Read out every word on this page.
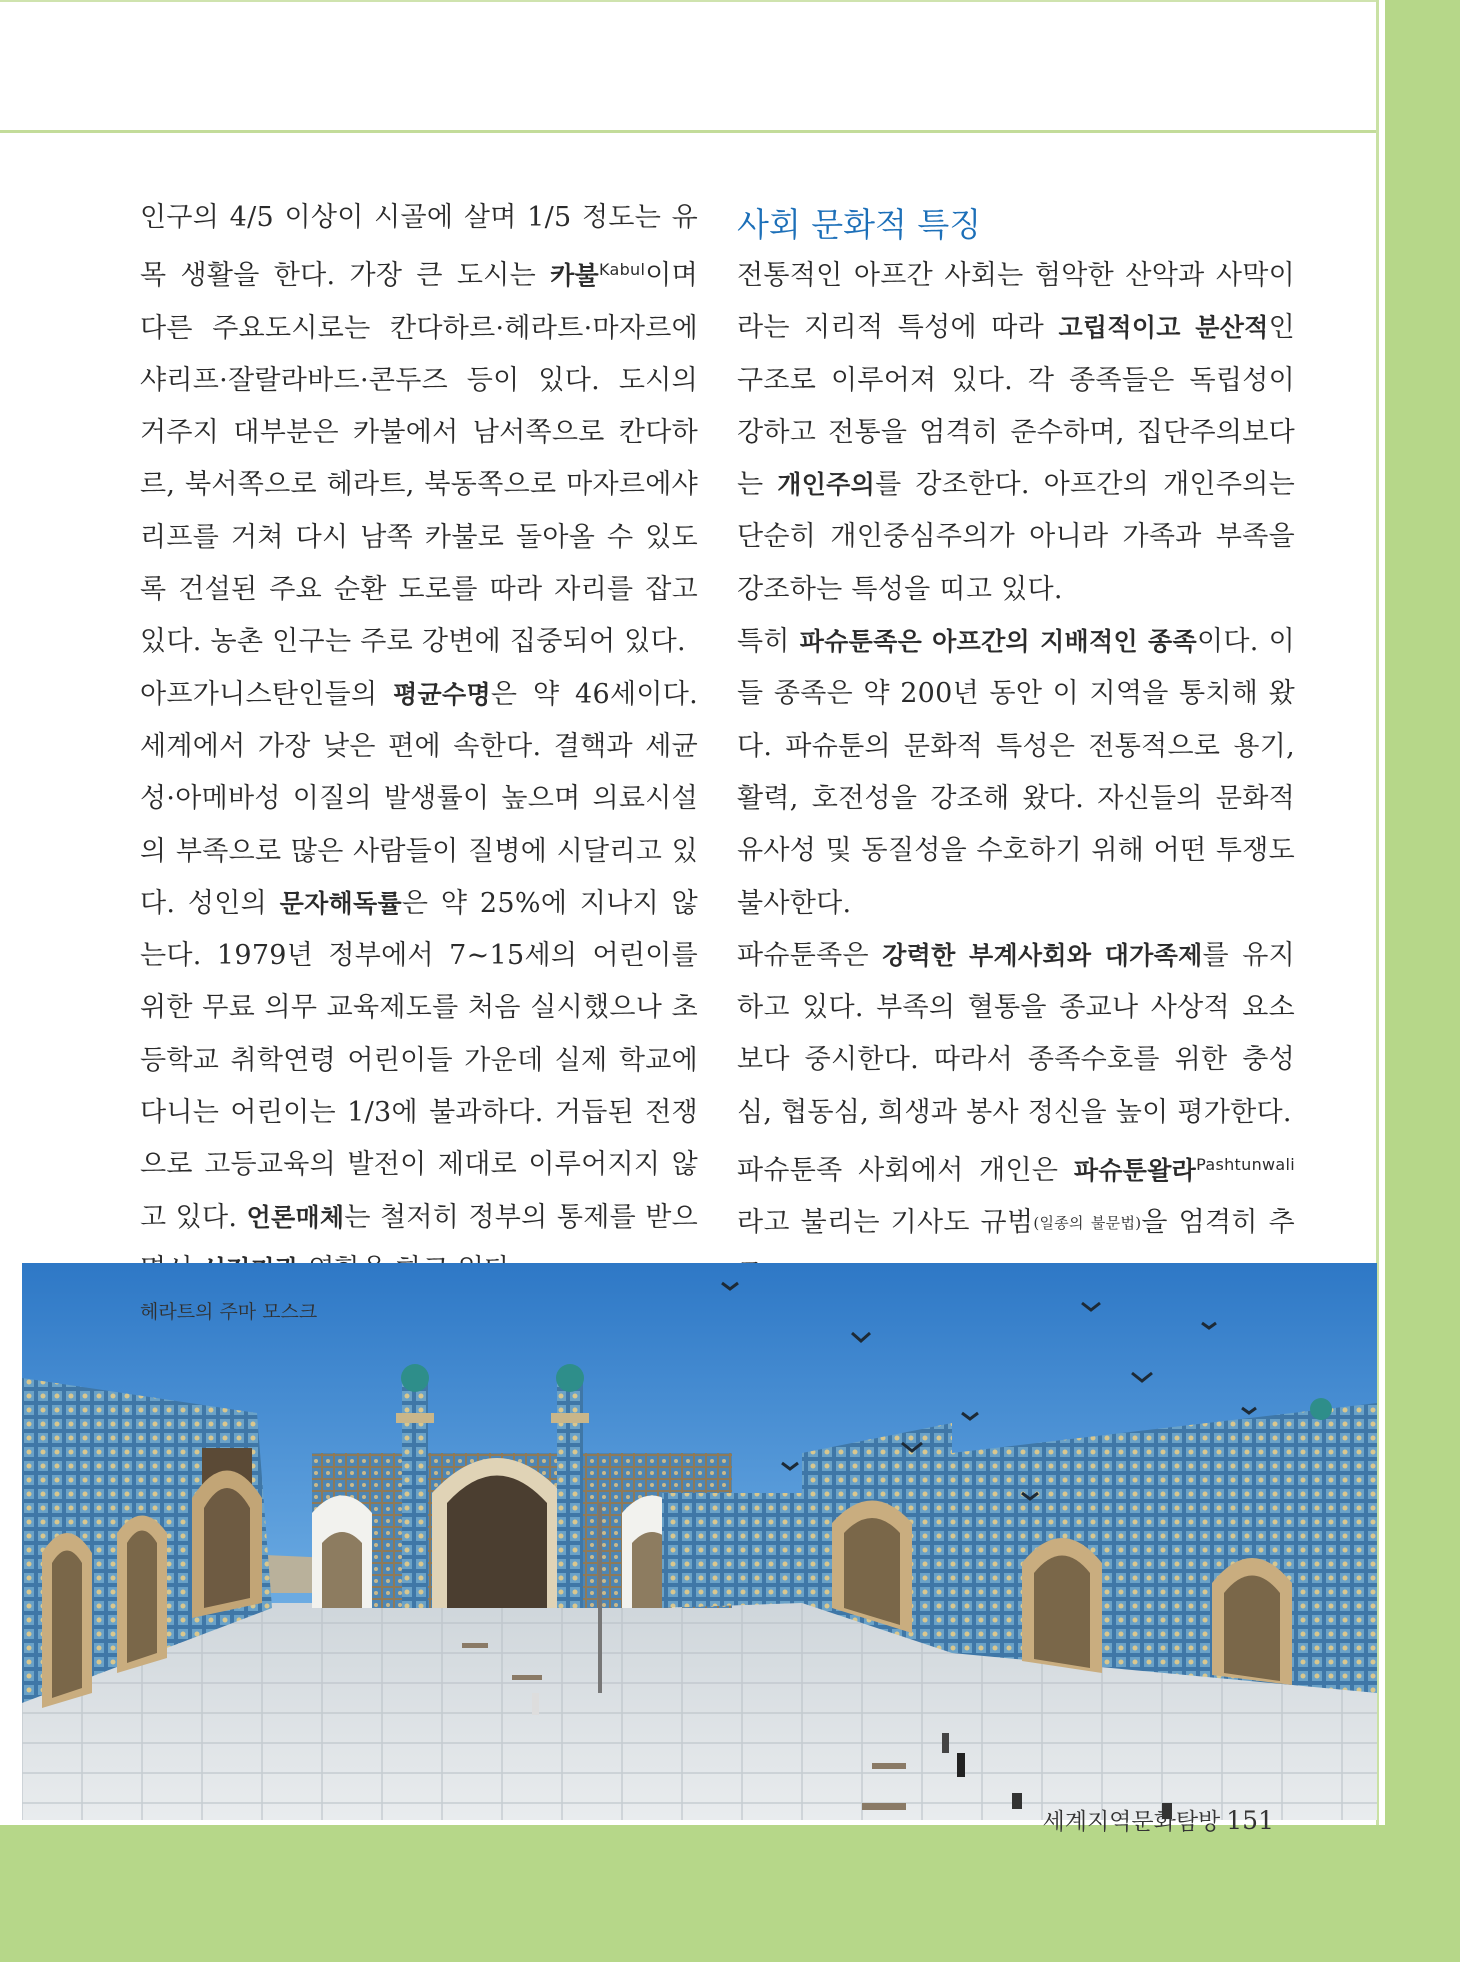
인구의 4/5 이상이 시골에 살며 1/5 정도는 유목 생활을 한다. 가장 큰 도시는 카불$^{Kabul}$이며 다른 주요도시로는 칸다하르·헤라트·마자르에샤리프·잘랄라바드·콘두즈 등이 있다. 도시의 거주지 대부분은 카불에서 남서쪽으로 칸다하르, 북서쪽으로 헤라트, 북동쪽으로 마자르에샤리프를 거쳐 다시 남쪽 카불로 돌아올 수 있도록 건설된 주요 순환 도로를 따라 자리를 잡고 있다. 농촌 인구는 주로 강변에 집중되어 있다.

아프가니스탄인들의 평균수명은 약 46세이다. 세계에서 가장 낮은 편에 속한다. 결핵과 세균성·아메바성 이질의 발생률이 높으며 의료시설의 부족으로 많은 사람들이 질병에 시달리고 있다. 성인의 문자해독률은 약 25%에 지나지 않는다. 1979년 정부에서 7~15세의 어린이를 위한 무료 의무 교육제도를 처음 실시했으나 초등학교 취학연령 어린이들 가운데 실제 학교에 다니는 어린이는 1/3에 불과하다. 거듭된 전쟁으로 고등교육의 발전이 제대로 이루어지지 않고 있다. 언론매체는 철저히 정부의 통제를 받으

사회 문화적 특징

전통적인 아프간 사회는 험악한 산악과 사막이라는 지리적 특성에 따라 고립적이고 분산적인 구조로 이루어져 있다. 각 종족들은 독립성이 강하고 전통을 엄격히 준수하며, 집단주의보다는 개인주의를 강조한다. 아프간의 개인주의는 단순히 개인중심주의가 아니라 가족과 부족을 강조하는 특성을 띠고 있다.

특히 파슈툰족은 아프간의 지배적인 종족이다. 이들 종족은 약 200년 동안 이 지역을 통치해 왔다. 파슈툰의 문화적 특성은 전통적으로 용기, 활력, 호전성을 강조해 왔다. 자신들의 문화적 유사성 및 동질성을 수호하기 위해 어떤 투쟁도 불사한다.

파슈툰족은 강력한 부계사회와 대가족제를 유지하고 있다. 부족의 혈통을 종교나 사상적 요소보다 중시한다. 따라서 종족수호를 위한 충성심, 협동심, 희생과 봉사 정신을 높이 평가한다.

파슈툰족 사회에서 개인은 파슈툰왈라$^{Pashtunwali}$라고 불리는 기사도 규범(일종의 불문법)을 엄격히 추

헤라트의 주마 모스크
세계지역문화탐방 151
